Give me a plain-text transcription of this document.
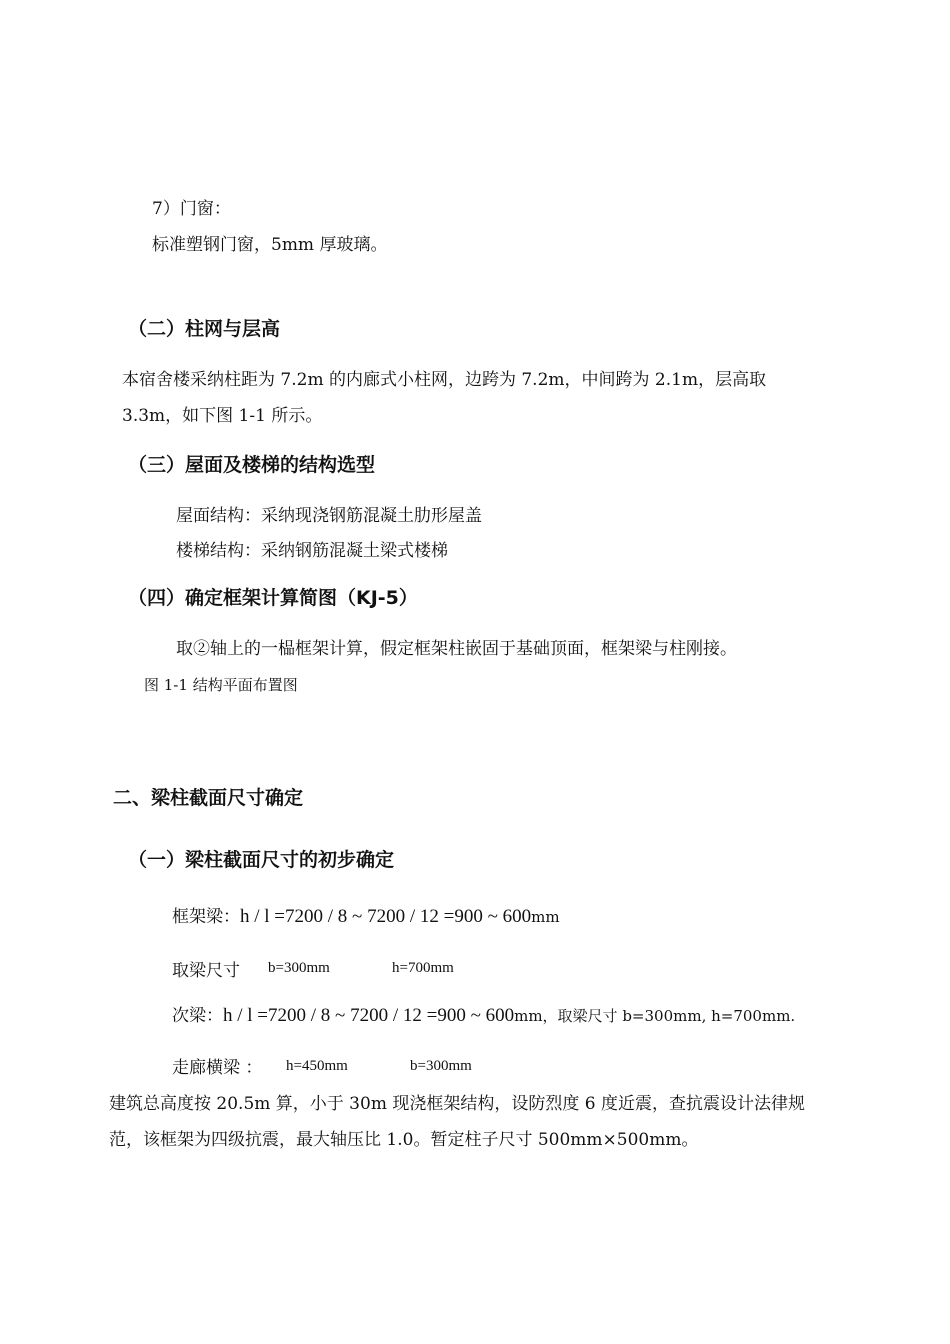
7）门窗：
标准塑钢门窗，5mm 厚玻璃。
（二）柱网与层高
本宿舍楼采纳柱距为 7.2m 的内廊式小柱网，边跨为 7.2m，中间跨为 2.1m，层高取
3.3m，如下图 1-1 所示。
（三）屋面及楼梯的结构选型
屋面结构：采纳现浇钢筋混凝土肋形屋盖
楼梯结构：采纳钢筋混凝土梁式楼梯
（四）确定框架计算简图（KJ-5）
取②轴上的一榀框架计算，假定框架柱嵌固于基础顶面，框架梁与柱刚接。
图 1-1 结构平面布置图
二、梁柱截面尺寸确定
（一）梁柱截面尺寸的初步确定
框架梁：h / l =7200 / 8 ~ 7200 / 12 =900 ~ 600mm
取梁尺寸 b=300mm	h=700mm
次梁：h / l =7200 / 8 ~ 7200 / 12 =900 ~ 600mm，取梁尺寸 b=300mm, h=700mm.
走廊横梁 ： h=450mm	b=300mm
建筑总高度按 20.5m 算，小于 30m 现浇框架结构，设防烈度 6 度近震，查抗震设计法律规
范，该框架为四级抗震，最大轴压比 1.0。暂定柱子尺寸 500mm×500mm。
